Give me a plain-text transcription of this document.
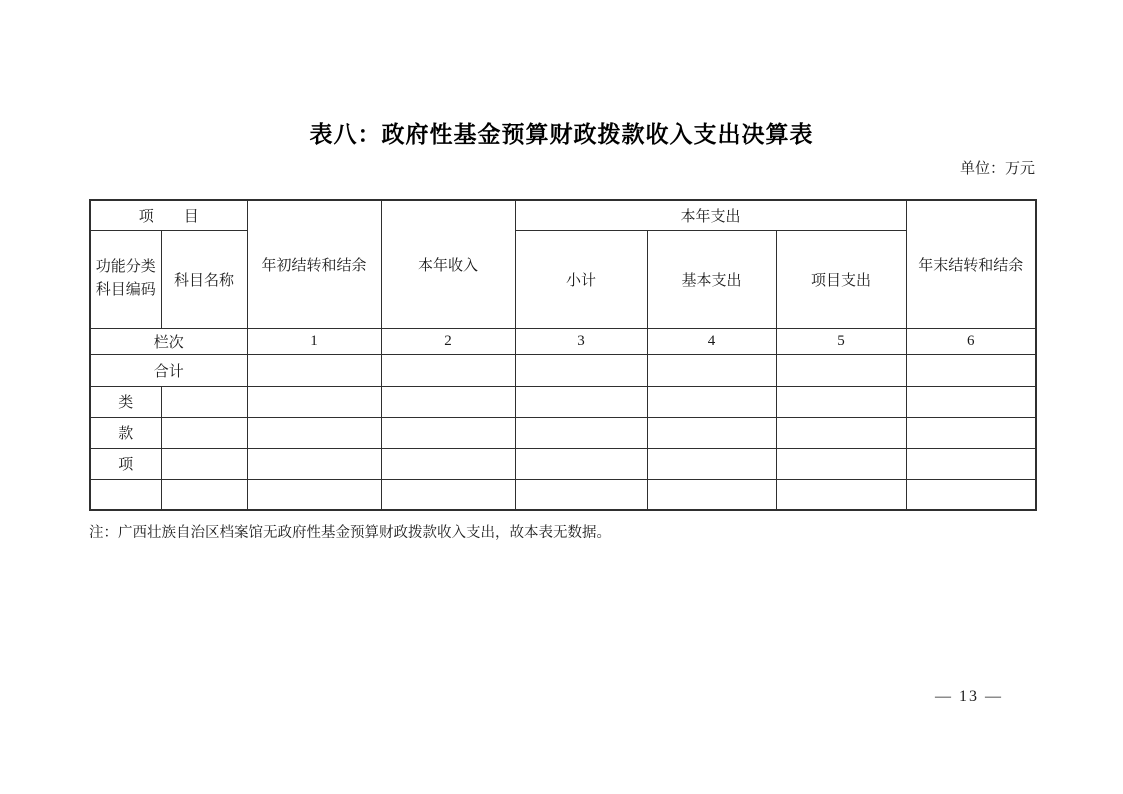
表八：政府性基金预算财政拨款收入支出决算表
单位：万元
项　　目		年初结转和结余	本年收入	本年支出			年末结转和结余
功能分类科目编码	科目名称			小计	基本支出	项目支出	
栏次		1	2	3	4	5	6
合计							
类							
款							
项							

注：广西壮族自治区档案馆无政府性基金预算财政拨款收入支出，故本表无数据。
— 13 —
